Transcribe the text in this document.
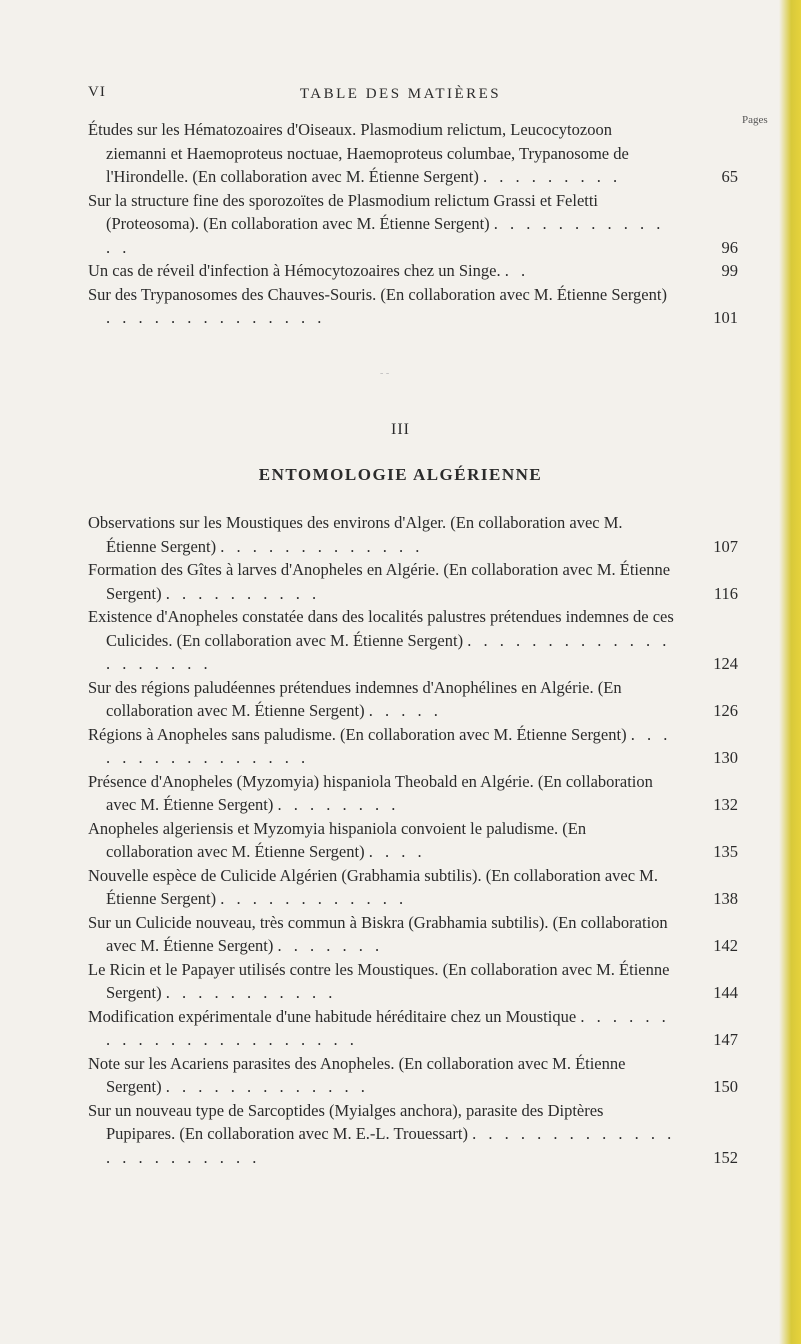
VI	TABLE DES MATIÈRES
Pages

Études sur les Hématozoaires d'Oiseaux. Plasmodium relictum, Leucocytozoon ziemanni et Haemoproteus noctuae, Haemoproteus columbae, Trypanosome de l'Hirondelle. (En collaboration avec M. Étienne Sergent) . . . . . . . . .	65

Sur la structure fine des sporozoïtes de Plasmodium relictum Grassi et Feletti (Proteosoma). (En collaboration avec M. Étienne Sergent) . . . . . . . . . . . . .	96

Un cas de réveil d'infection à Hémocytozoaires chez un Singe. . .	99

Sur des Trypanosomes des Chauves-Souris. (En collaboration avec M. Étienne Sergent) . . . . . . . . . . . . . .	101

- -
III
ENTOMOLOGIE ALGÉRIENNE

Observations sur les Moustiques des environs d'Alger. (En collaboration avec M. Étienne Sergent) . . . . . . . . . . . . .	107

Formation des Gîtes à larves d'Anopheles en Algérie. (En collaboration avec M. Étienne Sergent) . . . . . . . . . .	116

Existence d'Anopheles constatée dans des localités palustres prétendues indemnes de ces Culicides. (En collaboration avec M. Étienne Sergent) . . . . . . . . . . . . . . . . . . . .	124

Sur des régions paludéennes prétendues indemnes d'Anophélines en Algérie. (En collaboration avec M. Étienne Sergent) . . . . .	126

Régions à Anopheles sans paludisme. (En collaboration avec M. Étienne Sergent) . . . . . . . . . . . . . . . .	130

Présence d'Anopheles (Myzomyia) hispaniola Theobald en Algérie. (En collaboration avec M. Étienne Sergent) . . . . . . . .	132

Anopheles algeriensis et Myzomyia hispaniola convoient le paludisme. (En collaboration avec M. Étienne Sergent) . . . .	135

Nouvelle espèce de Culicide Algérien (Grabhamia subtilis). (En collaboration avec M. Étienne Sergent) . . . . . . . . . . . .	138

Sur un Culicide nouveau, très commun à Biskra (Grabhamia subtilis). (En collaboration avec M. Étienne Sergent) . . . . . . .	142

Le Ricin et le Papayer utilisés contre les Moustiques. (En collaboration avec M. Étienne Sergent) . . . . . . . . . . .	144

Modification expérimentale d'une habitude héréditaire chez un Moustique . . . . . . . . . . . . . . . . . . . . . .	147

Note sur les Acariens parasites des Anopheles. (En collaboration avec M. Étienne Sergent) . . . . . . . . . . . . .	150

Sur un nouveau type de Sarcoptides (Myialges anchora), parasite des Diptères Pupipares. (En collaboration avec M. E.-L. Trouessart) . . . . . . . . . . . . . . . . . . . . . . .	152
